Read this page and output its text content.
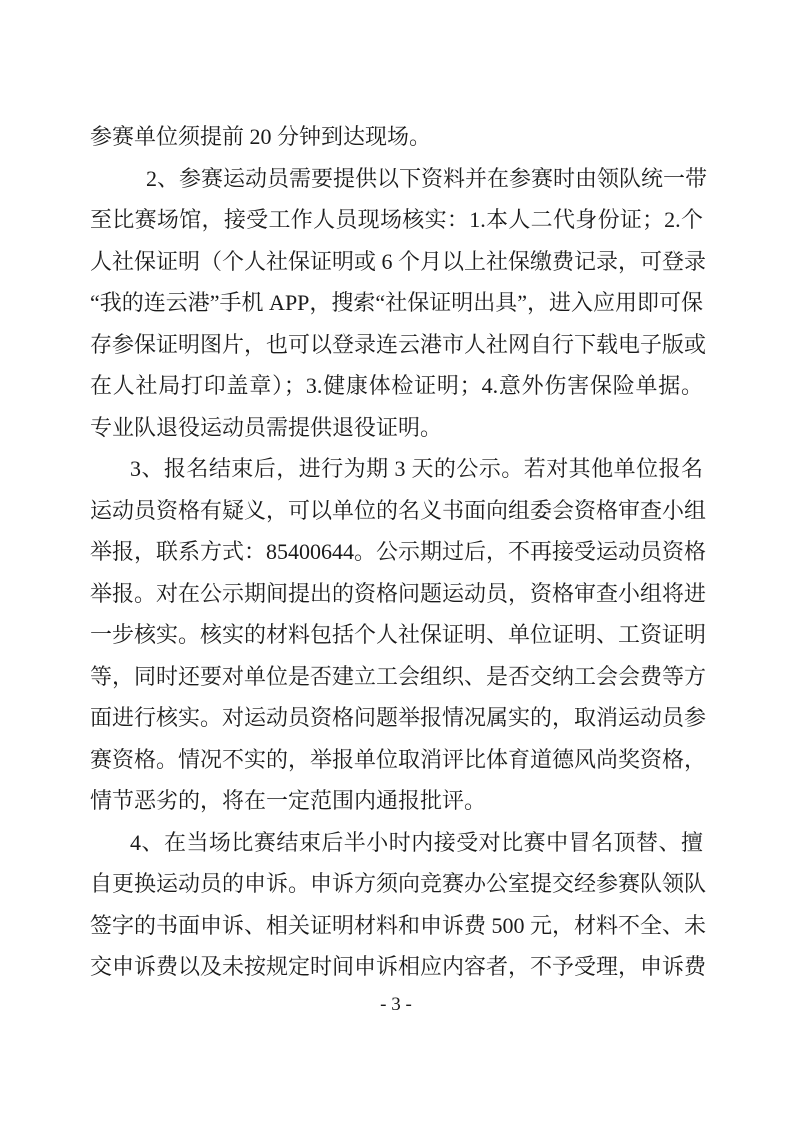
参赛单位须提前 20 分钟到达现场。
2、参赛运动员需要提供以下资料并在参赛时由领队统一带
至比赛场馆，接受工作人员现场核实：1.本人二代身份证；2.个
人社保证明（个人社保证明或 6 个月以上社保缴费记录，可登录
“我的连云港”手机 APP，搜索“社保证明出具”，进入应用即可保
存参保证明图片，也可以登录连云港市人社网自行下载电子版或
在人社局打印盖章）；3.健康体检证明；4.意外伤害保险单据。
专业队退役运动员需提供退役证明。
3、报名结束后，进行为期 3 天的公示。若对其他单位报名
运动员资格有疑义，可以单位的名义书面向组委会资格审查小组
举报，联系方式：85400644。公示期过后，不再接受运动员资格
举报。对在公示期间提出的资格问题运动员，资格审查小组将进
一步核实。核实的材料包括个人社保证明、单位证明、工资证明
等，同时还要对单位是否建立工会组织、是否交纳工会会费等方
面进行核实。对运动员资格问题举报情况属实的，取消运动员参
赛资格。情况不实的，举报单位取消评比体育道德风尚奖资格，
情节恶劣的，将在一定范围内通报批评。
4、在当场比赛结束后半小时内接受对比赛中冒名顶替、擅
自更换运动员的申诉。申诉方须向竞赛办公室提交经参赛队领队
签字的书面申诉、相关证明材料和申诉费 500 元，材料不全、未
交申诉费以及未按规定时间申诉相应内容者，不予受理，申诉费
- 3 -
